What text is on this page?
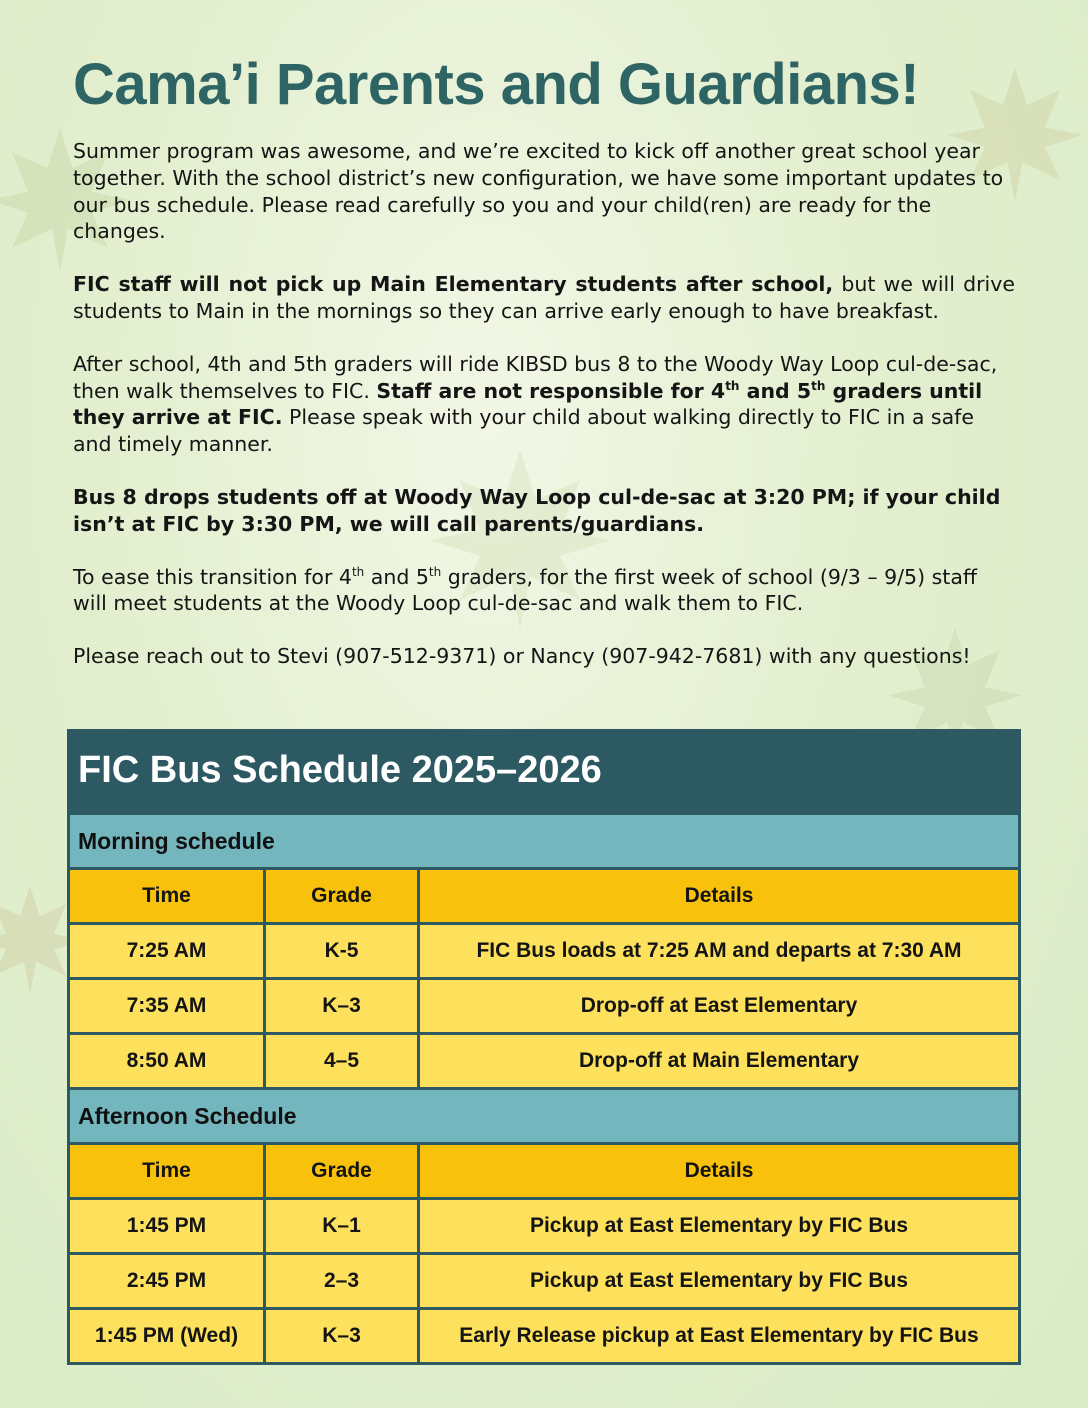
Cama’i Parents and Guardians!

Summer program was awesome, and we’re excited to kick off another great school year together. With the school district’s new configuration, we have some important updates to our bus schedule. Please read carefully so you and your child(ren) are ready for the changes.

FIC staff will not pick up Main Elementary students after school, but we will drive students to Main in the mornings so they can arrive early enough to have breakfast.

After school, 4th and 5th graders will ride KIBSD bus 8 to the Woody Way Loop cul-de-sac, then walk themselves to FIC. Staff are not responsible for 4th and 5th graders until they arrive at FIC. Please speak with your child about walking directly to FIC in a safe and timely manner.

Bus 8 drops students off at Woody Way Loop cul-de-sac at 3:20 PM; if your child isn’t at FIC by 3:30 PM, we will call parents/guardians.

To ease this transition for 4th and 5th graders, for the first week of school (9/3 – 9/5) staff will meet students at the Woody Loop cul-de-sac and walk them to FIC.

Please reach out to Stevi (907-512-9371) or Nancy (907-942-7681) with any questions!

FIC Bus Schedule 2025–2026
Morning schedule
Time	Grade	Details
7:25 AM	K-5	FIC Bus loads at 7:25 AM and departs at 7:30 AM
7:35 AM	K–3	Drop-off at East Elementary
8:50 AM	4–5	Drop-off at Main Elementary
Afternoon Schedule
Time	Grade	Details
1:45 PM	K–1	Pickup at East Elementary by FIC Bus
2:45 PM	2–3	Pickup at East Elementary by FIC Bus
1:45 PM (Wed)	K–3	Early Release pickup at East Elementary by FIC Bus
